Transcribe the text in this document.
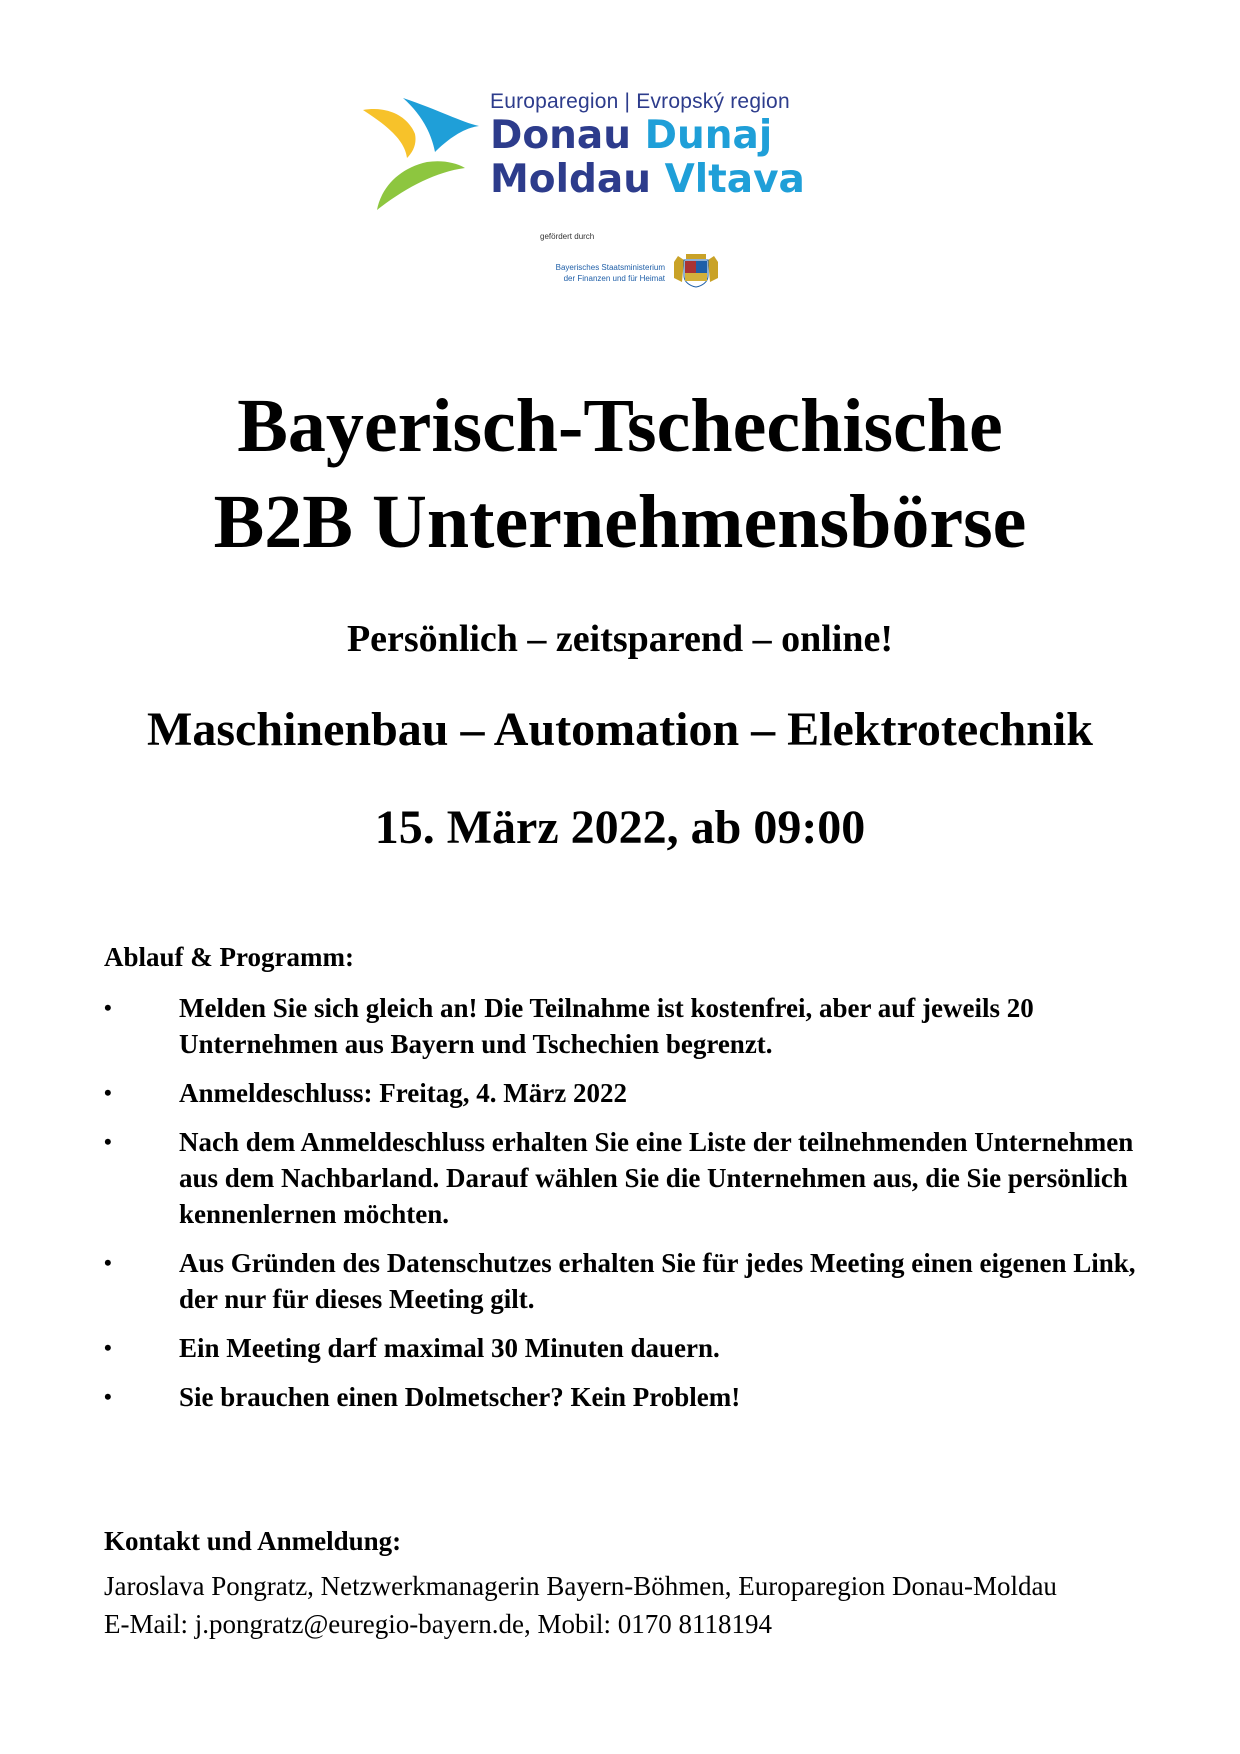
Europaregion | Evropský region
Donau Dunaj
Moldau Vltava
gefördert durch
Bayerisches Staatsministerium
der Finanzen und für Heimat
Bayerisch-Tschechische
B2B Unternehmensbörse
Persönlich – zeitsparend – online!
Maschinenbau – Automation – Elektrotechnik
15. März 2022, ab 09:00
Ablauf & Programm:
• Melden Sie sich gleich an! Die Teilnahme ist kostenfrei, aber auf jeweils 20 Unternehmen aus Bayern und Tschechien begrenzt.
• Anmeldeschluss: Freitag, 4. März 2022
• Nach dem Anmeldeschluss erhalten Sie eine Liste der teilnehmenden Unternehmen aus dem Nachbarland. Darauf wählen Sie die Unternehmen aus, die Sie persönlich kennenlernen möchten.
• Aus Gründen des Datenschutzes erhalten Sie für jedes Meeting einen eigenen Link, der nur für dieses Meeting gilt.
• Ein Meeting darf maximal 30 Minuten dauern.
• Sie brauchen einen Dolmetscher? Kein Problem!
Kontakt und Anmeldung:
Jaroslava Pongratz, Netzwerkmanagerin Bayern-Böhmen, Europaregion Donau-Moldau
E-Mail: j.pongratz@euregio-bayern.de, Mobil: 0170 8118194
